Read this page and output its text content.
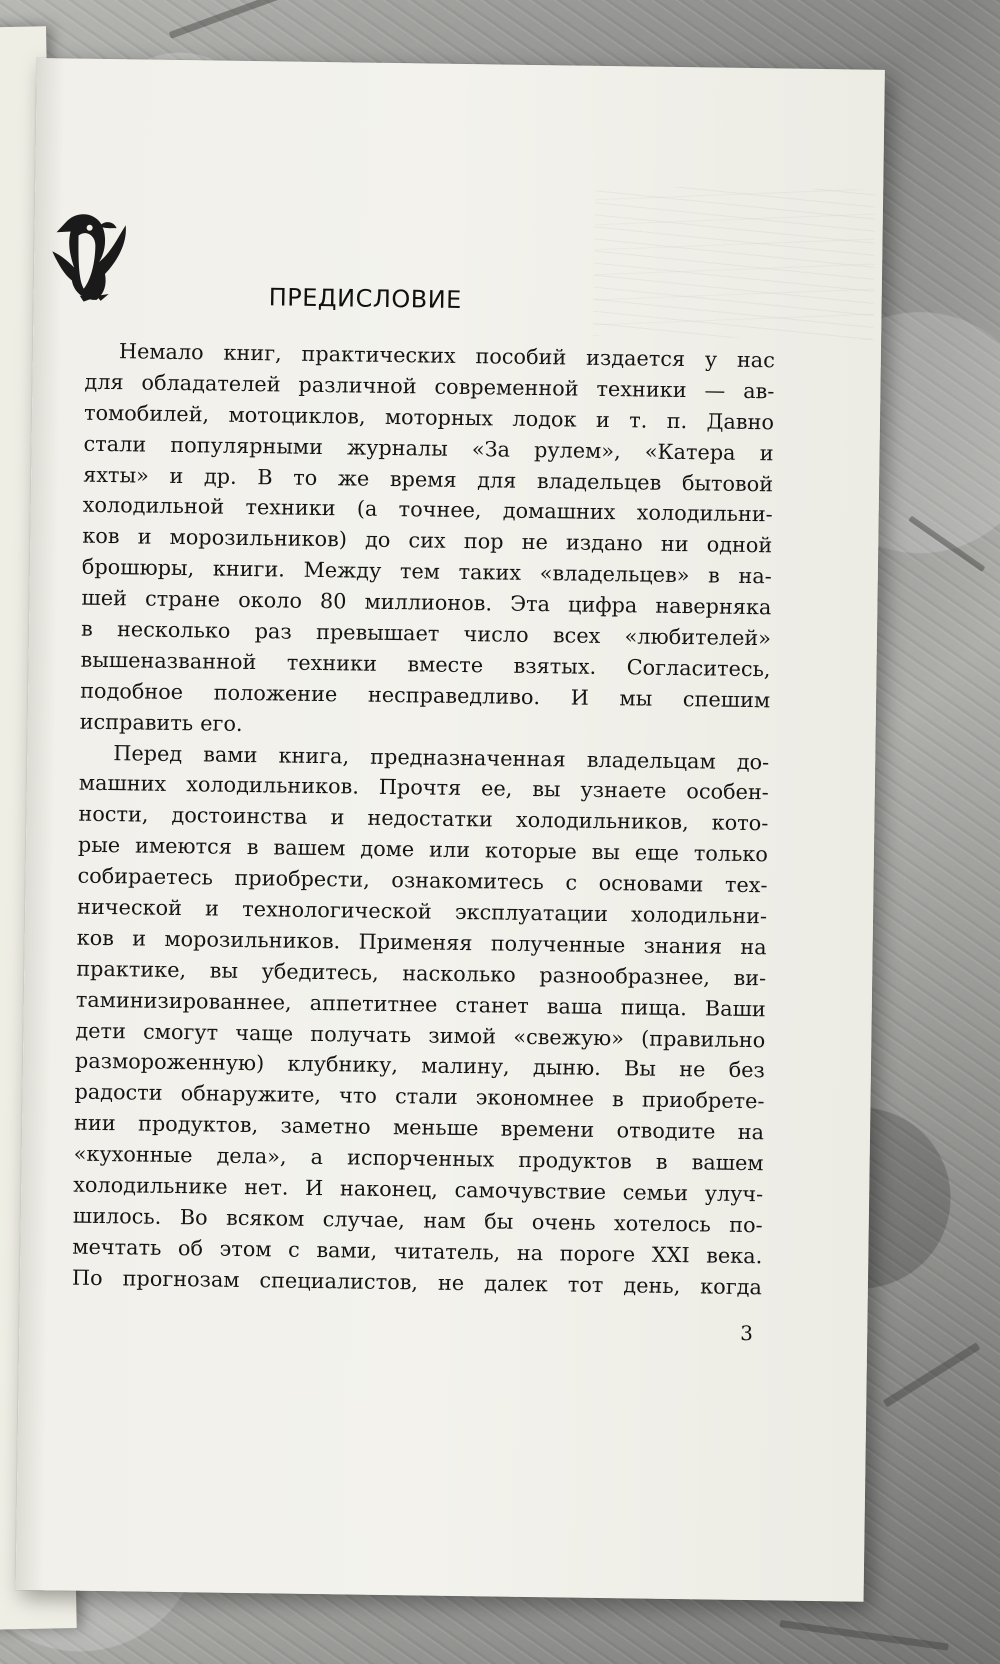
ПРЕДИСЛОВИЕ
Немало книг, практических пособий издается у нас
для обладателей различной современной техники — ав-
томобилей, мотоциклов, моторных лодок и т. п. Давно
стали популярными журналы «За рулем», «Катера и
яхты» и др. В то же время для владельцев бытовой
холодильной техники (а точнее, домашних холодильни-
ков и морозильников) до сих пор не издано ни одной
брошюры, книги. Между тем таких «владельцев» в на-
шей стране около 80 миллионов. Эта цифра наверняка
в несколько раз превышает число всех «любителей»
вышеназванной техники вместе взятых. Согласитесь,
подобное положение несправедливо. И мы спешим
исправить его.
Перед вами книга, предназначенная владельцам до-
машних холодильников. Прочтя ее, вы узнаете особен-
ности, достоинства и недостатки холодильников, кото-
рые имеются в вашем доме или которые вы еще только
собираетесь приобрести, ознакомитесь с основами тех-
нической и технологической эксплуатации холодильни-
ков и морозильников. Применяя полученные знания на
практике, вы убедитесь, насколько разнообразнее, ви-
таминизированнее, аппетитнее станет ваша пища. Ваши
дети смогут чаще получать зимой «свежую» (правильно
размороженную) клубнику, малину, дыню. Вы не без
радости обнаружите, что стали экономнее в приобрете-
нии продуктов, заметно меньше времени отводите на
«кухонные дела», а испорченных продуктов в вашем
холодильнике нет. И наконец, самочувствие семьи улуч-
шилось. Во всяком случае, нам бы очень хотелось по-
мечтать об этом с вами, читатель, на пороге XXI века.
По прогнозам специалистов, не далек тот день, когда
3
